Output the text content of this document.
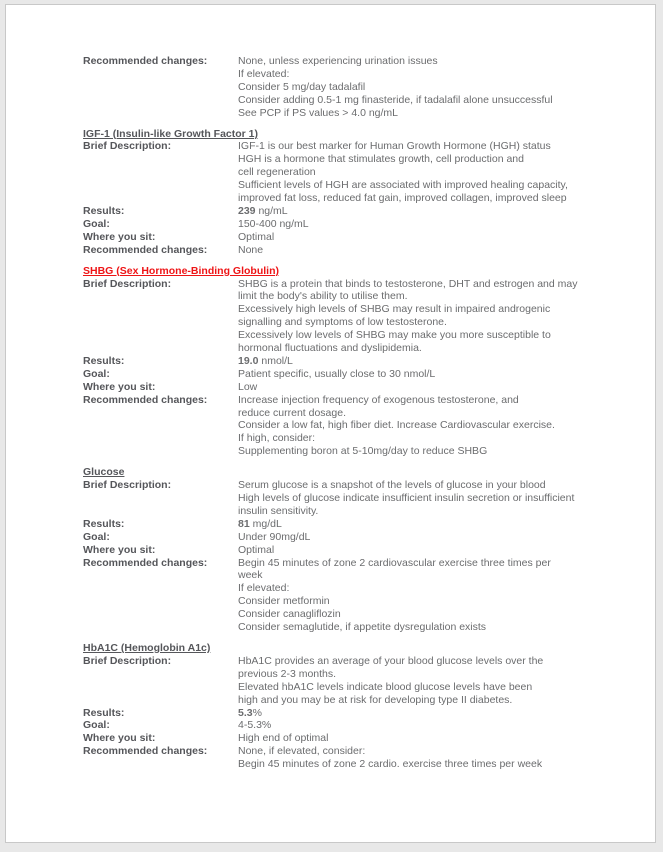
Recommended changes:	None, unless experiencing urination issues
If elevated:
Consider 5 mg/day tadalafil
Consider adding 0.5-1 mg finasteride, if tadalafil alone unsuccessful
See PCP if PS values > 4.0 ng/mL
IGF-1 (Insulin-like Growth Factor 1)
Brief Description:	IGF-1 is our best marker for Human Growth Hormone (HGH) status
HGH is a hormone that stimulates growth, cell production and
cell regeneration
Sufficient levels of HGH are associated with improved healing capacity,
improved fat loss, reduced fat gain, improved collagen, improved sleep
Results:	239 ng/mL
Goal:	150-400 ng/mL
Where you sit:	Optimal
Recommended changes:	None
SHBG (Sex Hormone-Binding Globulin)
Brief Description:	SHBG is a protein that binds to testosterone, DHT and estrogen and may
limit the body's ability to utilise them.
Excessively high levels of SHBG may result in impaired androgenic
signalling and symptoms of low testosterone.
Excessively low levels of SHBG may make you more susceptible to
hormonal fluctuations and dyslipidemia.
Results:	19.0 nmol/L
Goal:	Patient specific, usually close to 30 nmol/L
Where you sit:	Low
Recommended changes:	Increase injection frequency of exogenous testosterone, and
reduce current dosage.
Consider a low fat, high fiber diet. Increase Cardiovascular exercise.
If high, consider:
Supplementing boron at 5-10mg/day to reduce SHBG
Glucose
Brief Description:	Serum glucose is a snapshot of the levels of glucose in your blood
High levels of glucose indicate insufficient insulin secretion or insufficient
insulin sensitivity.
Results:	81 mg/dL
Goal:	Under 90mg/dL
Where you sit:	Optimal
Recommended changes:	Begin 45 minutes of zone 2 cardiovascular exercise three times per
week
If elevated:
Consider metformin
Consider canagliflozin
Consider semaglutide, if appetite dysregulation exists
HbA1C (Hemoglobin A1c)
Brief Description:	HbA1C provides an average of your blood glucose levels over the
previous 2-3 months.
Elevated hbA1C levels indicate blood glucose levels have been
high and you may be at risk for developing type II diabetes.
Results:	5.3%
Goal:	4-5.3%
Where you sit:	High end of optimal
Recommended changes:	None, if elevated, consider:
Begin 45 minutes of zone 2 cardio. exercise three times per week
